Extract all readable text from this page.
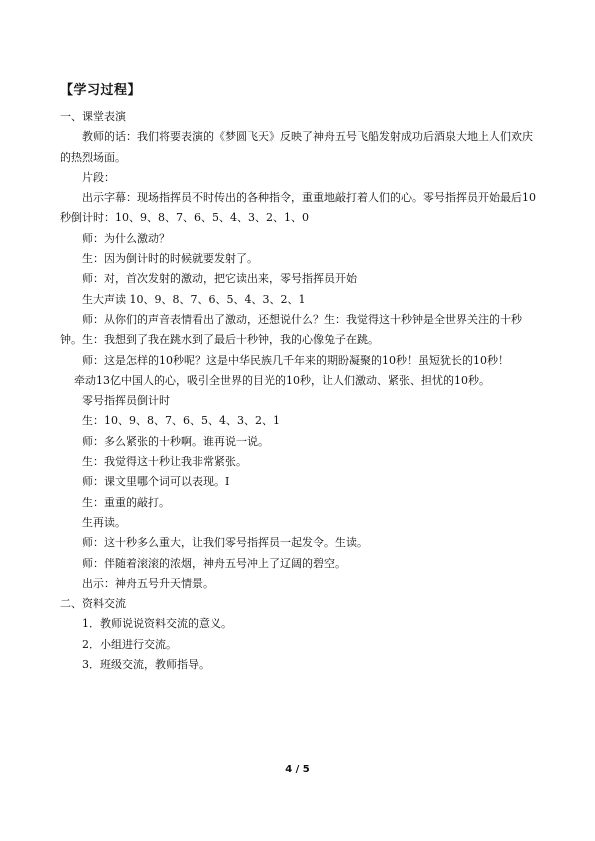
【学习过程】

一、课堂表演

教师的话：我们将要表演的《梦圆飞天》反映了神舟五号飞船发射成功后酒泉大地上人们欢庆的热烈场面。

片段：

出示字幕：现场指挥员不时传出的各种指令，重重地敲打着人们的心。零号指挥员开始最后10秒倒计时：10、9、8、7、6、5、4、3、2、1、0

师：为什么激动？

生：因为倒计时的时候就要发射了。

师：对，首次发射的激动，把它读出来，零号指挥员开始

生大声读 10、9、8、7、6、5、4、3、2、1

师：从你们的声音表情看出了激动，还想说什么？生：我觉得这十秒钟是全世界关注的十秒钟。生：我想到了我在跳水到了最后十秒钟，我的心像兔子在跳。

师：这是怎样的10秒呢？这是中华民族几千年来的期盼凝聚的10秒！虽短犹长的10秒！

牵动13亿中国人的心，吸引全世界的目光的10秒，让人们激动、紧张、担忧的10秒。

零号指挥员倒计时

生：10、9、8、7、6、5、4、3、2、1

师：多么紧张的十秒啊。谁再说一说。

生：我觉得这十秒让我非常紧张。

师：课文里哪个词可以表现。I

生：重重的敲打。

生再读。

师：这十秒多么重大，让我们零号指挥员一起发令。生读。

师：伴随着滚滚的浓烟，神舟五号冲上了辽阔的碧空。

出示：神舟五号升天情景。

二、资料交流

1．教师说说资料交流的意义。

2．小组进行交流。

3．班级交流，教师指导。

4 / 5
